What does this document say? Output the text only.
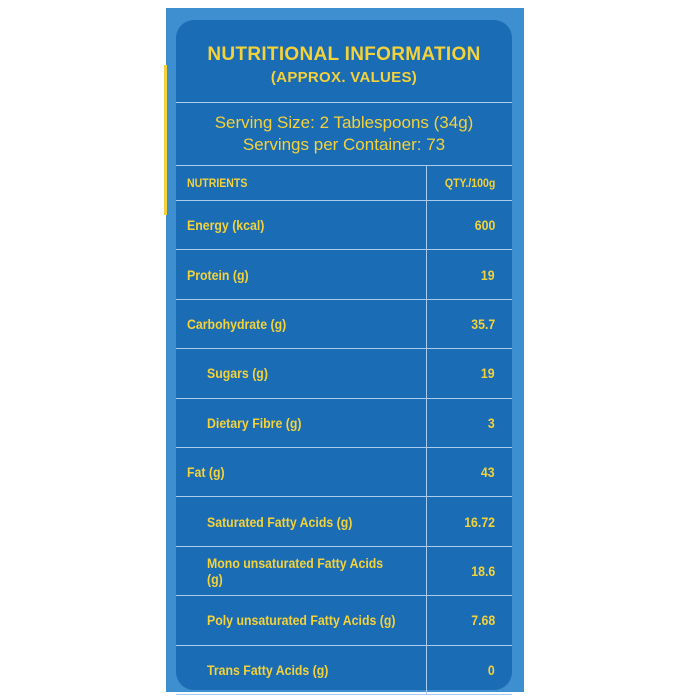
NUTRITIONAL INFORMATION
(APPROX. VALUES)
Serving Size: 2 Tablespoons (34g)
Servings per Container: 73
NUTRIENTS	QTY./100g
Energy (kcal)	600
Protein (g)	19
Carbohydrate (g)	35.7
Sugars (g)	19
Dietary Fibre (g)	3
Fat (g)	43
Saturated Fatty Acids (g)	16.72
Mono unsaturated Fatty Acids (g)	18.6
Poly unsaturated Fatty Acids (g)	7.68
Trans Fatty Acids (g)	0
